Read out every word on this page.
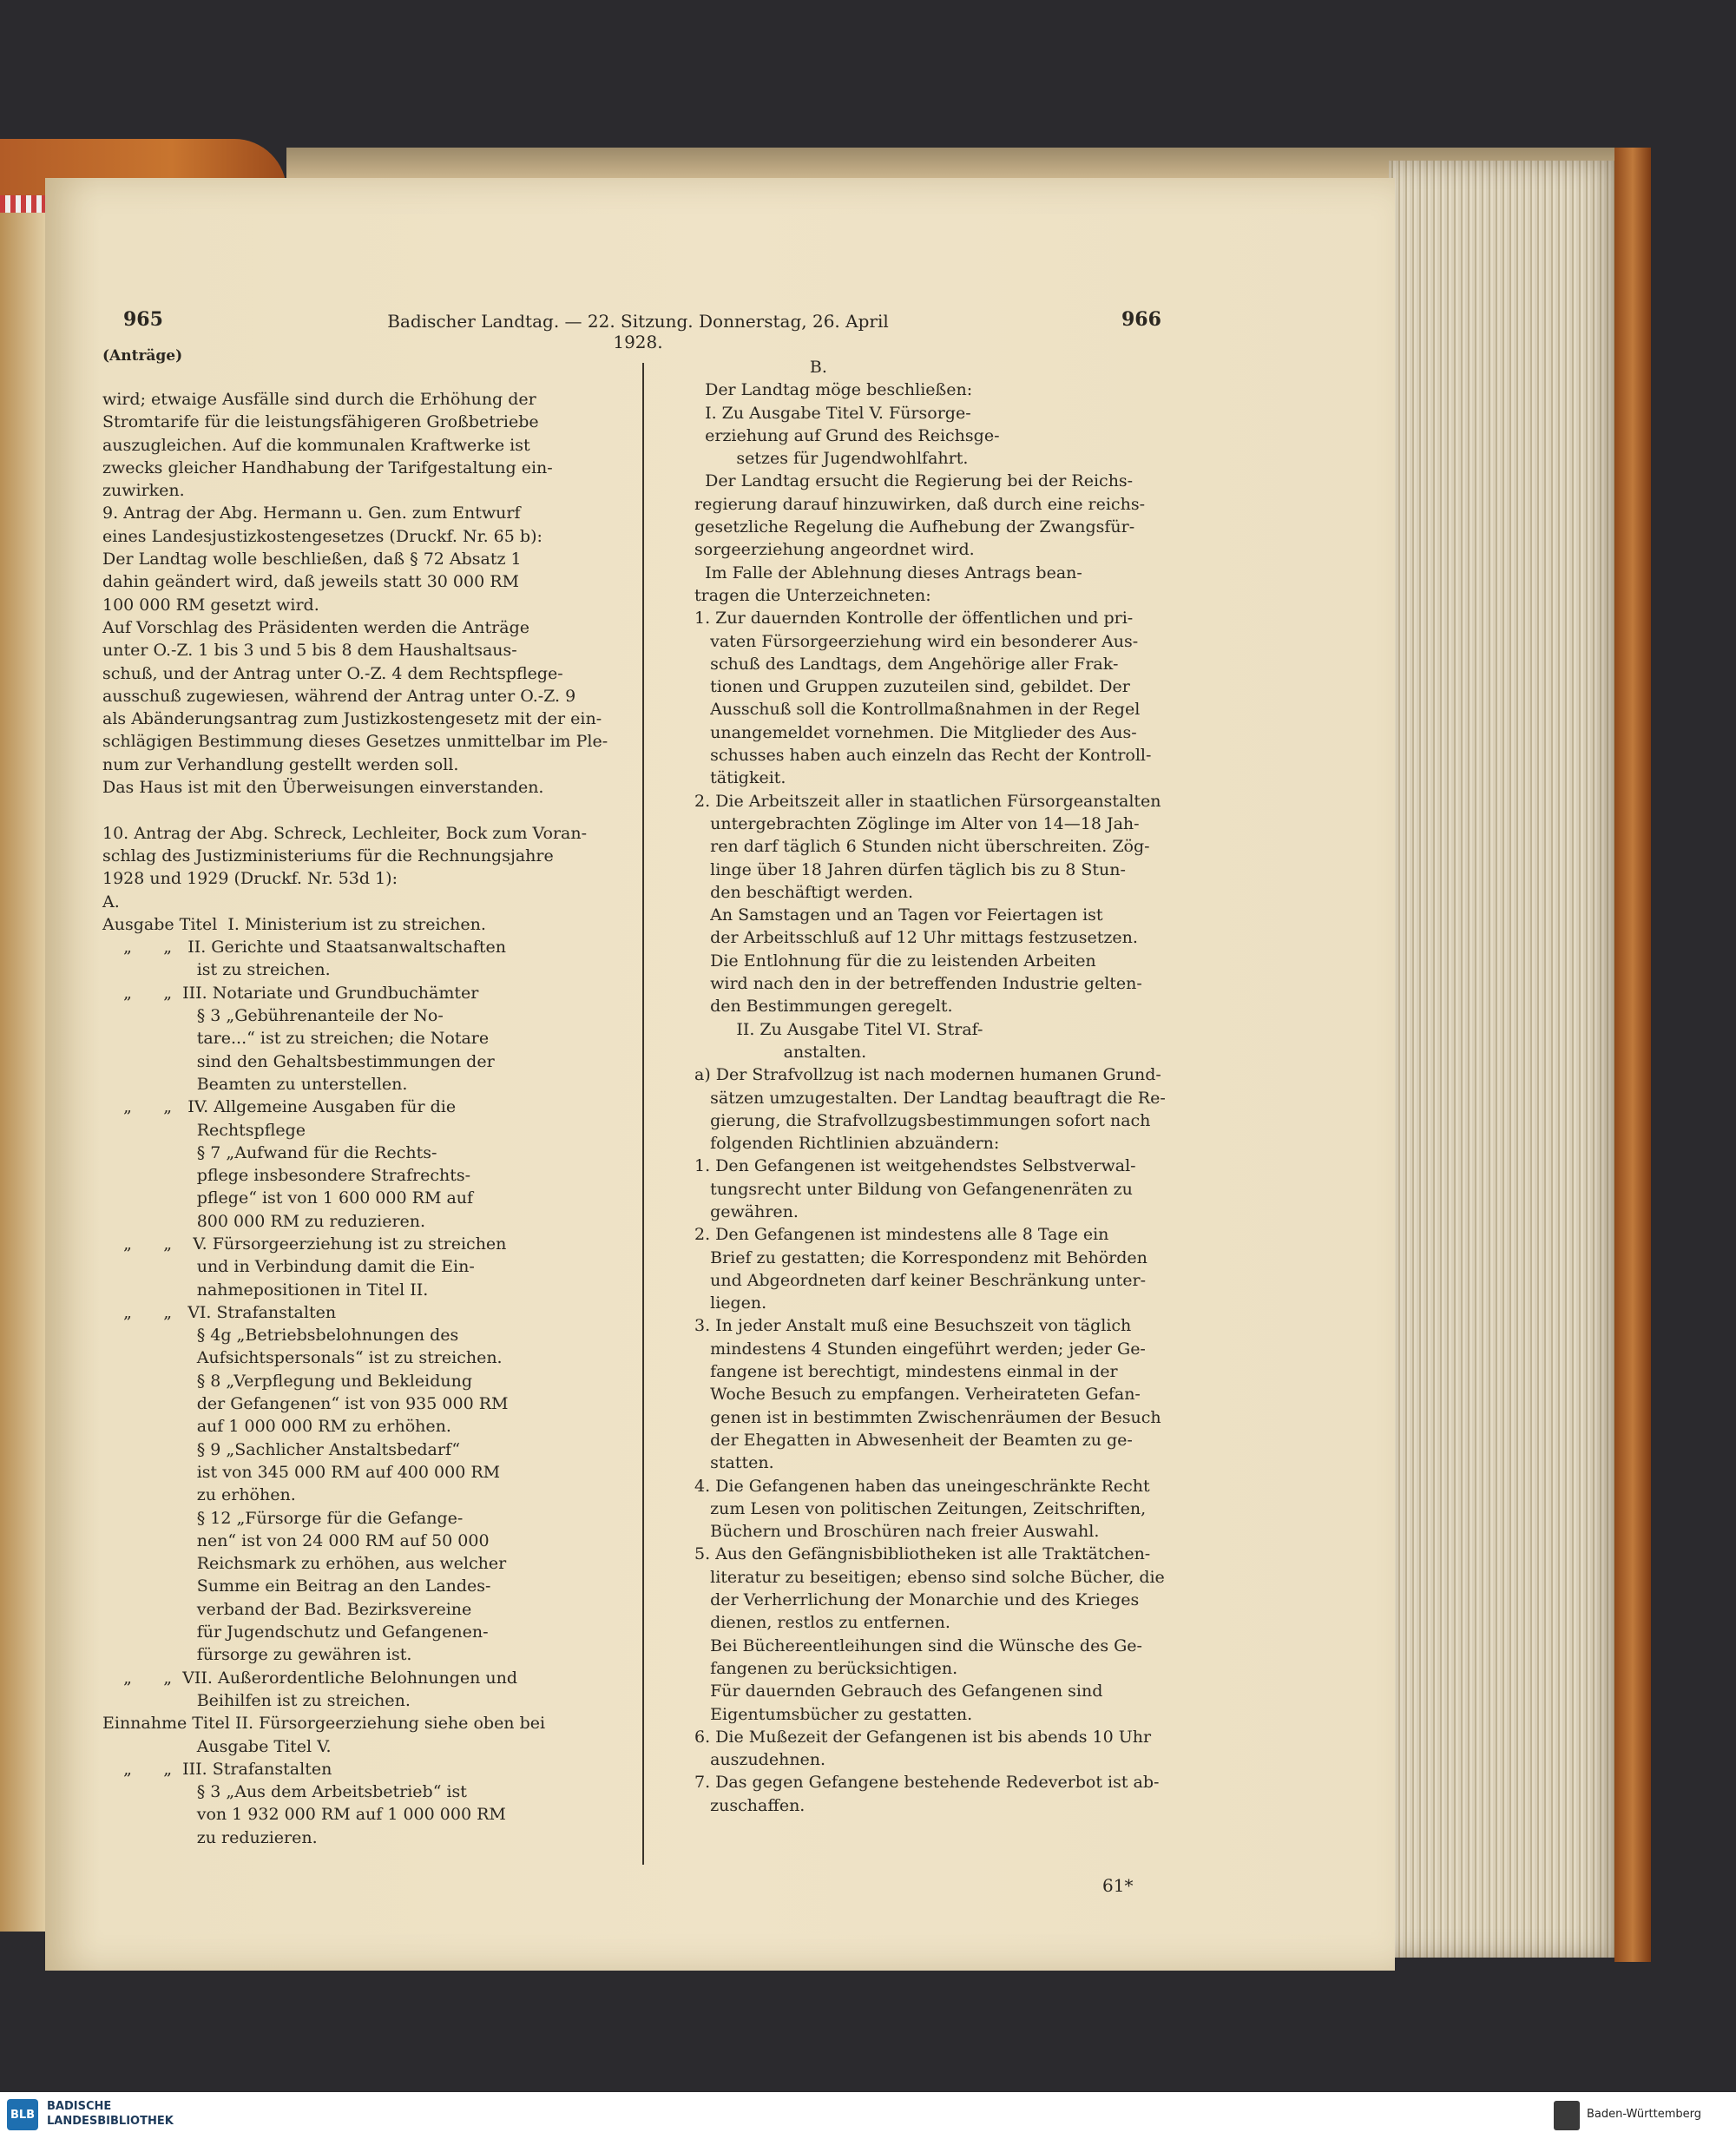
965	Badischer Landtag. — 22. Sitzung. Donnerstag, 26. April 1928.
966
(Anträge)
wird; etwaige Ausfälle sind durch die Erhöhung der
Stromtarife für die leistungsfähigeren Großbetriebe
auszugleichen. Auf die kommunalen Kraftwerke ist
zwecks gleicher Handhabung der Tarifgestaltung ein-
zuwirken.
9. Antrag der Abg. Hermann u. Gen. zum Entwurf
eines Landesjustizkostengesetzes (Druckf. Nr. 65 b):
Der Landtag wolle beschließen, daß § 72 Absatz 1
dahin geändert wird, daß jeweils statt 30 000 RM
100 000 RM gesetzt wird.
Auf Vorschlag des Präsidenten werden die Anträge
unter O.-Z. 1 bis 3 und 5 bis 8 dem Haushaltsaus-
schuß, und der Antrag unter O.-Z. 4 dem Rechtspflege-
ausschuß zugewiesen, während der Antrag unter O.-Z. 9
als Abänderungsantrag zum Justizkostengesetz mit der ein-
schlägigen Bestimmung dieses Gesetzes unmittelbar im Ple-
num zur Verhandlung gestellt werden soll.
Das Haus ist mit den Überweisungen einverstanden.
10. Antrag der Abg. Schreck, Lechleiter, Bock zum Voran-
schlag des Justizministeriums für die Rechnungsjahre
1928 und 1929 (Druckf. Nr. 53d 1):
A.
Ausgabe Titel  I. Ministerium ist zu streichen.
„      „   II. Gerichte und Staatsanwaltschaften
ist zu streichen.
„      „  III. Notariate und Grundbuchämter
§ 3 „Gebührenanteile der No-
tare...“ ist zu streichen; die Notare
sind den Gehaltsbestimmungen der
Beamten zu unterstellen.
„      „   IV. Allgemeine Ausgaben für die
Rechtspflege
§ 7 „Aufwand für die Rechts-
pflege insbesondere Strafrechts-
pflege“ ist von 1 600 000 RM auf
800 000 RM zu reduzieren.
„      „    V. Fürsorgeerziehung ist zu streichen
und in Verbindung damit die Ein-
nahmepositionen in Titel II.
„      „   VI. Strafanstalten
§ 4g „Betriebsbelohnungen des
Aufsichtspersonals“ ist zu streichen.
§ 8 „Verpflegung und Bekleidung
der Gefangenen“ ist von 935 000 RM
auf 1 000 000 RM zu erhöhen.
§ 9 „Sachlicher Anstaltsbedarf“
ist von 345 000 RM auf 400 000 RM
zu erhöhen.
§ 12 „Fürsorge für die Gefange-
nen“ ist von 24 000 RM auf 50 000
Reichsmark zu erhöhen, aus welcher
Summe ein Beitrag an den Landes-
verband der Bad. Bezirksvereine
für Jugendschutz und Gefangenen-
fürsorge zu gewähren ist.
„      „  VII. Außerordentliche Belohnungen und
Beihilfen ist zu streichen.
Einnahme Titel II. Fürsorgeerziehung siehe oben bei
Ausgabe Titel V.
„      „  III. Strafanstalten
§ 3 „Aus dem Arbeitsbetrieb“ ist
von 1 932 000 RM auf 1 000 000 RM
zu reduzieren.
B.
Der Landtag möge beschließen:
I. Zu Ausgabe Titel V. Fürsorge-
erziehung auf Grund des Reichsge-
setzes für Jugendwohlfahrt.
Der Landtag ersucht die Regierung bei der Reichs-
regierung darauf hinzuwirken, daß durch eine reichs-
gesetzliche Regelung die Aufhebung der Zwangsfür-
sorgeerziehung angeordnet wird.
Im Falle der Ablehnung dieses Antrags bean-
tragen die Unterzeichneten:
1. Zur dauernden Kontrolle der öffentlichen und pri-
vaten Fürsorgeerziehung wird ein besonderer Aus-
schuß des Landtags, dem Angehörige aller Frak-
tionen und Gruppen zuzuteilen sind, gebildet. Der
Ausschuß soll die Kontrollmaßnahmen in der Regel
unangemeldet vornehmen. Die Mitglieder des Aus-
schusses haben auch einzeln das Recht der Kontroll-
tätigkeit.
2. Die Arbeitszeit aller in staatlichen Fürsorgeanstalten
untergebrachten Zöglinge im Alter von 14—18 Jah-
ren darf täglich 6 Stunden nicht überschreiten. Zög-
linge über 18 Jahren dürfen täglich bis zu 8 Stun-
den beschäftigt werden.
An Samstagen und an Tagen vor Feiertagen ist
der Arbeitsschluß auf 12 Uhr mittags festzusetzen.
Die Entlohnung für die zu leistenden Arbeiten
wird nach den in der betreffenden Industrie gelten-
den Bestimmungen geregelt.
II. Zu Ausgabe Titel VI. Straf-
anstalten.
a) Der Strafvollzug ist nach modernen humanen Grund-
sätzen umzugestalten. Der Landtag beauftragt die Re-
gierung, die Strafvollzugsbestimmungen sofort nach
folgenden Richtlinien abzuändern:
1. Den Gefangenen ist weitgehendstes Selbstverwal-
tungsrecht unter Bildung von Gefangenenräten zu
gewähren.
2. Den Gefangenen ist mindestens alle 8 Tage ein
Brief zu gestatten; die Korrespondenz mit Behörden
und Abgeordneten darf keiner Beschränkung unter-
liegen.
3. In jeder Anstalt muß eine Besuchszeit von täglich
mindestens 4 Stunden eingeführt werden; jeder Ge-
fangene ist berechtigt, mindestens einmal in der
Woche Besuch zu empfangen. Verheirateten Gefan-
genen ist in bestimmten Zwischenräumen der Besuch
der Ehegatten in Abwesenheit der Beamten zu ge-
statten.
4. Die Gefangenen haben das uneingeschränkte Recht
zum Lesen von politischen Zeitungen, Zeitschriften,
Büchern und Broschüren nach freier Auswahl.
5. Aus den Gefängnisbibliotheken ist alle Traktätchen-
literatur zu beseitigen; ebenso sind solche Bücher, die
der Verherrlichung der Monarchie und des Krieges
dienen, restlos zu entfernen.
Bei Büchereentleihungen sind die Wünsche des Ge-
fangenen zu berücksichtigen.
Für dauernden Gebrauch des Gefangenen sind
Eigentumsbücher zu gestatten.
6. Die Mußezeit der Gefangenen ist bis abends 10 Uhr
auszudehnen.
7. Das gegen Gefangene bestehende Redeverbot ist ab-
zuschaffen.
61*
BLB
BADISCHE
LANDESBIBLIOTHEK
Baden-Württemberg
